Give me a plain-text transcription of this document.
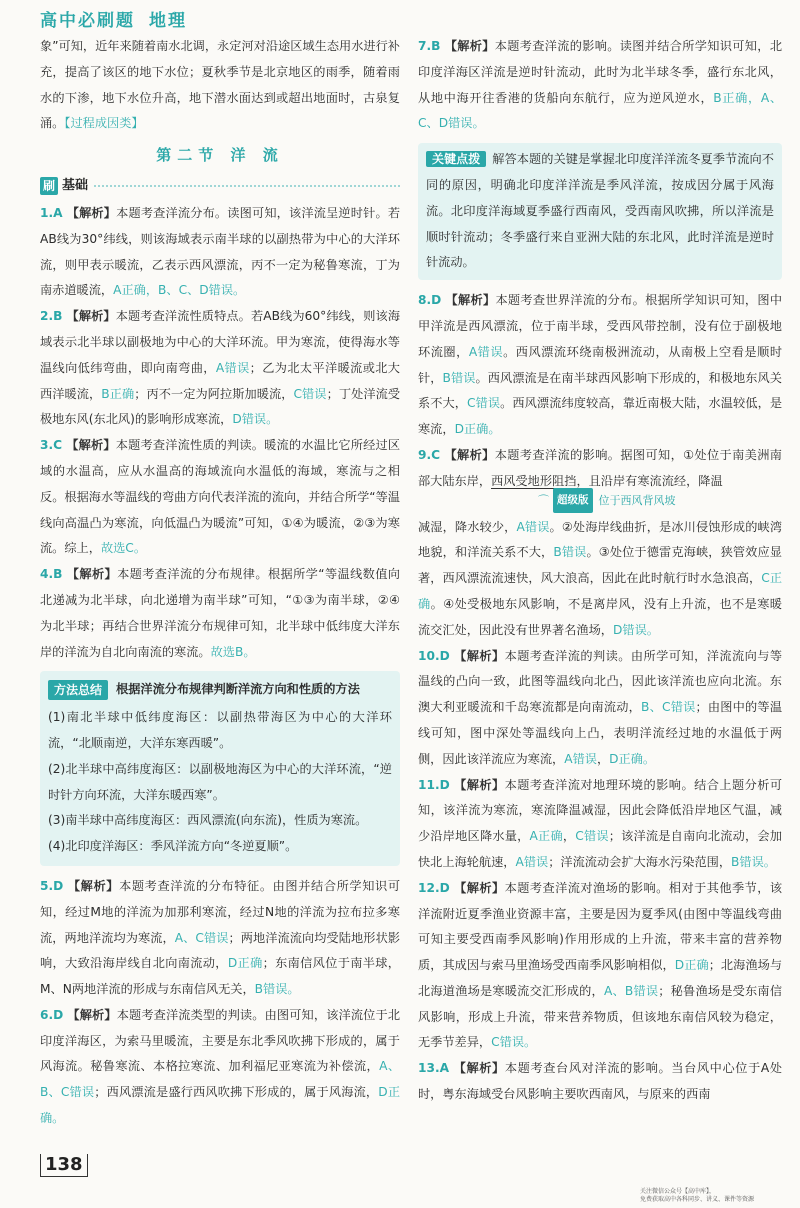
高中必刷题 地理

象”可知，近年来随着南水北调，永定河对沿途区域生态用水进行补充，提高了该区的地下水位；夏秋季节是北京地区的雨季，随着雨水的下渗，地下水位升高，地下潜水面达到或超出地面时，古泉复涌。【过程成因类】

第二节 洋 流
刷 基础

1.A 【解析】本题考查洋流分布。读图可知，该洋流呈逆时针。若AB线为30°纬线，则该海域表示南半球的以副热带为中心的大洋环流，则甲表示暖流，乙表示西风漂流，丙不一定为秘鲁寒流，丁为南赤道暖流，A正确，B、C、D错误。

2.B 【解析】本题考查洋流性质特点。若AB线为60°纬线，则该海域表示北半球以副极地为中心的大洋环流。甲为寒流，使得海水等温线向低纬弯曲，即向南弯曲，A错误；乙为北太平洋暖流或北大西洋暖流，B正确；丙不一定为阿拉斯加暖流，C错误；丁处洋流受极地东风(东北风)的影响形成寒流，D错误。

3.C 【解析】本题考查洋流性质的判读。暖流的水温比它所经过区域的水温高，应从水温高的海域流向水温低的海域，寒流与之相反。根据海水等温线的弯曲方向代表洋流的流向，并结合所学“等温线向高温凸为寒流，向低温凸为暖流”可知，①④为暖流，②③为寒流。综上，故选C。

4.B 【解析】本题考查洋流的分布规律。根据所学“等温线数值向北递减为北半球，向北递增为南半球”可知，“①③为南半球，②④为北半球；再结合世界洋流分布规律可知，北半球中低纬度大洋东岸的洋流为自北向南流的寒流。故选B。

方法总结	根据洋流分布规律判断洋流方向和性质的方法

(1)南北半球中低纬度海区：以副热带海区为中心的大洋环流，“北顺南逆，大洋东寒西暖”。

(2)北半球中高纬度海区：以副极地海区为中心的大洋环流，“逆时针方向环流，大洋东暖西寒”。

(3)南半球中高纬度海区：西风漂流(向东流)，性质为寒流。

(4)北印度洋海区：季风洋流方向“冬逆夏顺”。

5.D 【解析】本题考查洋流的分布特征。由图并结合所学知识可知，经过M地的洋流为加那利寒流，经过N地的洋流为拉布拉多寒流，两地洋流均为寒流，A、C错误；两地洋流流向均受陆地形状影响，大致沿海岸线自北向南流动，D正确；东南信风位于南半球，M、N两地洋流的形成与东南信风无关，B错误。

6.D 【解析】本题考查洋流类型的判读。由图可知，该洋流位于北印度洋海区，为索马里暖流，主要是东北季风吹拂下形成的，属于风海流。秘鲁寒流、本格拉寒流、加利福尼亚寒流为补偿流，A、B、C错误；西风漂流是盛行西风吹拂下形成的，属于风海流，D正确。

138

7.B 【解析】本题考查洋流的影响。读图并结合所学知识可知，北印度洋海区洋流是逆时针流动，此时为北半球冬季，盛行东北风，从地中海开往香港的货船向东航行，应为逆风逆水，B正确，A、C、D错误。

关键点拨 解答本题的关键是掌握北印度洋洋流冬夏季节流向不同的原因，明确北印度洋洋流是季风洋流，按成因分属于风海流。北印度洋海域夏季盛行西南风，受西南风吹拂，所以洋流是顺时针流动；冬季盛行来自亚洲大陆的东北风，此时洋流是逆时针流动。

8.D 【解析】本题考查世界洋流的分布。根据所学知识可知，图中甲洋流是西风漂流，位于南半球，受西风带控制，没有位于副极地环流圈，A错误。西风漂流环绕南极洲流动，从南极上空看是顺时针，B错误。西风漂流是在南半球西风影响下形成的，和极地东风关系不大，C错误。西风漂流纬度较高，靠近南极大陆，水温较低，是寒流，D正确。

9.C 【解析】本题考查洋流的影响。据图可知，①处位于南美洲南部大陆东岸，西风受地形阻挡，且沿岸有寒流流经，降温

⌒ 超级版 位于西风背风坡

减湿，降水较少，A错误。②处海岸线曲折，是冰川侵蚀形成的峡湾地貌，和洋流关系不大，B错误。③处位于德雷克海峡，狭管效应显著，西风漂流流速快，风大浪高，因此在此时航行时水急浪高，C正确。④处受极地东风影响，不是离岸风，没有上升流，也不是寒暖流交汇处，因此没有世界著名渔场，D错误。

10.D 【解析】本题考查洋流的判读。由所学可知，洋流流向与等温线的凸向一致，此图等温线向北凸，因此该洋流也应向北流。东澳大利亚暖流和千岛寒流都是向南流动，B、C错误；由图中的等温线可知，图中深处等温线向上凸，表明洋流经过地的水温低于两侧，因此该洋流应为寒流，A错误，D正确。

11.D 【解析】本题考查洋流对地理环境的影响。结合上题分析可知，该洋流为寒流，寒流降温减湿，因此会降低沿岸地区气温，减少沿岸地区降水量，A正确，C错误；该洋流是自南向北流动，会加快北上海轮航速，A错误；洋流流动会扩大海水污染范围，B错误。

12.D 【解析】本题考查洋流对渔场的影响。相对于其他季节，该洋流附近夏季渔业资源丰富，主要是因为夏季风(由图中等温线弯曲可知主要受西南季风影响)作用形成的上升流，带来丰富的营养物质，其成因与索马里渔场受西南季风影响相似，D正确；北海渔场与北海道渔场是寒暖流交汇形成的，A、B错误；秘鲁渔场是受东南信风影响，形成上升流，带来营养物质，但该地东南信风较为稳定，无季节差异，C错误。

13.A 【解析】本题考查台风对洋流的影响。当台风中心位于A处时，粤东海域受台风影响主要吹西南风，与原来的西南

关注微信公众号【高中库】，
免费获取高中各科同步、讲义、课件等资源
